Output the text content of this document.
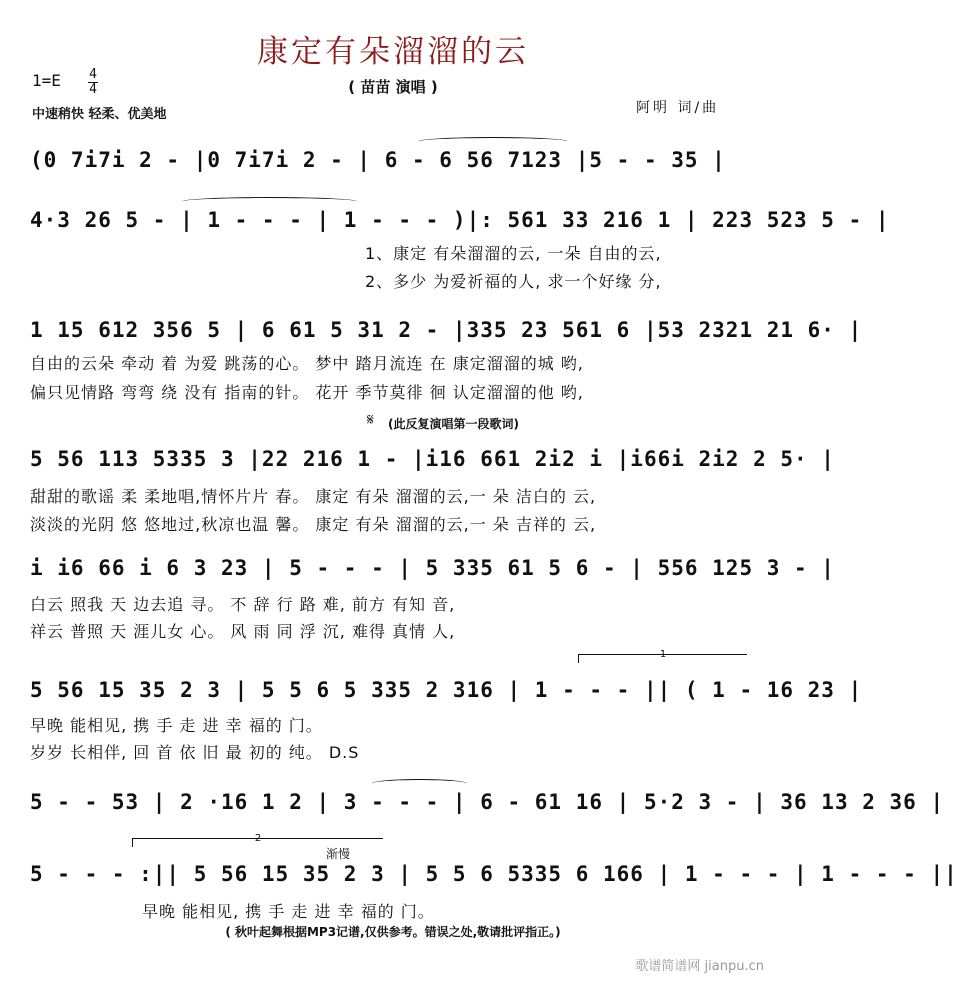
康定有朵溜溜的云
( 苗苗 演唱 )
1=E 4
4
中速稍快 轻柔、优美地	阿明 词/曲
(0 7i7i 2 - |0 7i7i 2 - | 6 - 6 56 7123 |5 - - 35 |
4·3 26 5 - | 1 - - - | 1 - - - )|: 561 33 216 1 | 223 523 5 - |
1、康定 有朵溜溜的云, 一朵 自由的云,
2、多少 为爱祈福的人, 求一个好缘 分,
1 15 612 356 5 | 6 61 5 31 2 - |335 23 561 6 |53 2321 21 6· |
自由的云朵 牵动 着 为爱 跳荡的心。 梦中 踏月流连 在 康定溜溜的城 哟,
偏只见情路 弯弯 绕 没有 指南的针。 花开 季节莫徘 徊 认定溜溜的他 哟,
𝄋 (此反复演唱第一段歌词)
5 56 113 5335 3 |22 216 1 - |i16 661 2i2 i |i66i 2i2 2 5· |
甜甜的歌谣 柔 柔地唱,情怀片片 春。 康定 有朵 溜溜的云,一 朵 洁白的 云,
淡淡的光阴 悠 悠地过,秋凉也温 馨。 康定 有朵 溜溜的云,一 朵 吉祥的 云,
i i6 66 i 6 3 23 | 5 - - - | 5 335 61 5 6 - | 556 125 3 - |
白云 照我 天 边去追 寻。 不 辞 行 路 难, 前方 有知 音,
祥云 普照 天 涯儿女 心。 风 雨 同 浮 沉, 难得 真情 人,
1
5 56 15 35 2 3 | 5 5 6 5 335 2 316 | 1 - - - || ( 1 - 16 23 |
早晚 能相见, 携 手 走 进 幸 福的 门。
岁岁 长相伴, 回 首 依 旧 最 初的 纯。 D.S
5 - - 53 | 2 ·16 1 2 | 3 - - - | 6 - 61 16 | 5·2 3 - | 36 13 2 36 |
2
渐慢
5 - - - :|| 5 56 15 35 2 3 | 5 5 6 5335 6 166 | 1 - - - | 1 - - - ||
早晚 能相见, 携 手 走 进 幸 福的 门。
( 秋叶起舞根据MP3记谱,仅供参考。错误之处,敬请批评指正。)
歌谱简谱网 jianpu.cn
